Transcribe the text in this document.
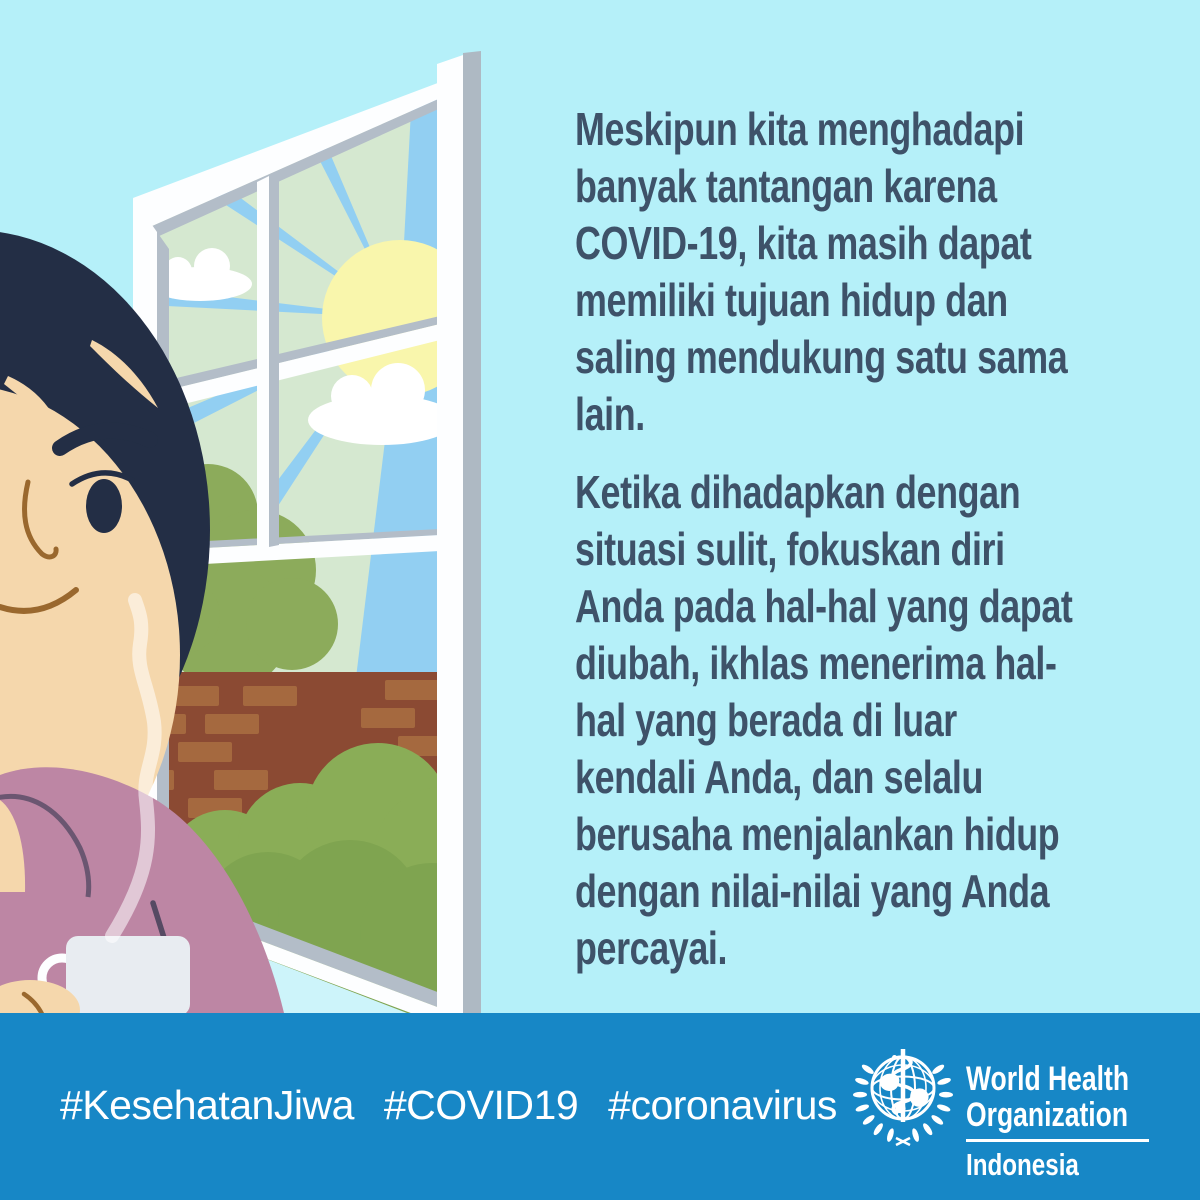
Meskipun kita menghadapi
banyak tantangan karena
COVID-19, kita masih dapat
memiliki tujuan hidup dan
saling mendukung satu sama
lain.
Ketika dihadapkan dengan
situasi sulit, fokuskan diri
Anda pada hal-hal yang dapat
diubah, ikhlas menerima hal-
hal yang berada di luar
kendali Anda, dan selalu
berusaha menjalankan hidup
dengan nilai-nilai yang Anda
percayai.
#KesehatanJiwa #COVID19 #coronavirus
World Health
Organization
Indonesia
